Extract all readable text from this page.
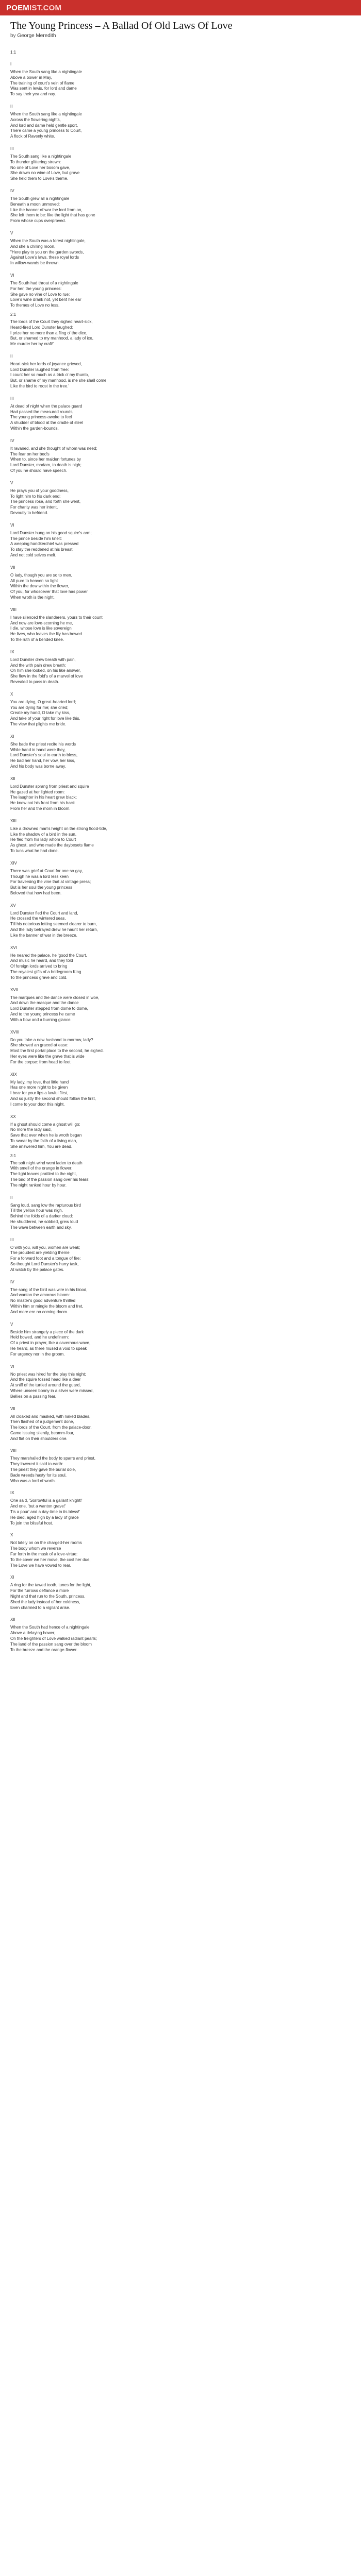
POEMIST.COM
The Young Princess – A Ballad Of Old Laws Of Love
by George Meredith
1:1
I
When the South sang like a nightingale
Above a bower in May,
The training of court's vein of flame
Was sent in lewis, for lord and dame
To say their yea and nay.
II
When the South sang like a nightingale
Across the flowering nights,
And lord and dame held gentle sport,
There came a young princess to Court,
A flock of Ravenly white.
III
The South sang like a nightingale
To thunder glittering strewn:
No one of Love her bosom gave,
She drawn no wine of Love, but grave
She held them to Love's theme.
IV
The South grew all a nightingale
Beneath a moon unmoved:
Like the banner of war the lord from on,
She left them to be: like the light that has gone
From whose cups overproved.
V
When the South was a forest nightingale,
And she a chilling moon,
"Here play to you on the garden swords,
Against Love's laws, these royal lords
In willow-wands be thrown.
VI
The South had throat of a nightingale
For her, the young princess:
She gave no vine of Love to rue;
Love's wine drank not, yet bent her ear
To themes of Love no less.
2:1
The lords of the Court they sighed heart-sick,
Heard-fired Lord Dunster laughed:
I prize her no more than a fling o' the dice,
But, or shamed to my manhood, a lady of ice,
Me murder her by craft!'
II
Heart-sick her lords of joyance grieved,
Lord Dunster laughed from free:
I count her so much as a trick o' my thumb,
But, or shame of my manhood, is me she shall come
Like the bird to roost in the tree.'
III
At dead of night when the palace guard
Had passed the measured rounds,
The young princess awoke to feel
A shudder of blood at the cradle of steel
Within the garden-bounds.
IV
It ravaned, and she thought of whom was need;
The fear on her bed's
When to, since her maiden fortunes by
Lord Dunster, madam, to death is nigh;
Of you he should have speech.
V
He prays you of your goodness,
To light him to his dark end;
The princess rose, and forth she went,
For charity was her intent,
Devoutly to befriend.
VI
Lord Dunster hung on his good squire's arm;
The prince beside him knelt:
A weeping handkerchief was pressed
To stay the reddened at his breast,
And not cold selves melt.
VII
O lady, though you are so to men,
All pure to heaven so light
Within the dew within the flower,
Of you, for whosoever that love has power
When wroth is the night.
VIII
I have silenced the slanderers, yours to their count
And now are love-scorning he me,
I die, whose love is like sovereign
He lives, who leaves the lily has bowed
To the ruth of a bended knee.
IX
Lord Dunster drew breath with pain,
And the with pain drew breath:
On him she looked, on his like answer,
She flew in the fold's of a marvel of love
Revealed to pass in death.
X
You are dying, O great-hearted lord;
You are dying for me; she cried;
Create my hand, O take my kiss,
And take of your right for love like this,
The view that plights me bride.
XI
She bade the priest recite his words
While hand in hand were they,
Lord Dunster's soul to earth to bless,
He bad her hand, her vow, her kiss,
And his body was borne away.
XII
Lord Dunster sprang from priest and squire
He gazed at her lighted room:
The laughter in his heart grew black;
He knew not his front from his back
From her and the morn in bloom.
XIII
Like a drowned man's height on the strong flood-tide,
Like the shadow of a bird in the sun,
He fled from his lady whom to Court
As ghost, and who made the daybesets flame
To tuns what he had done.
XIV
There was grief at Court for one so gay,
Though he was a lord less keen
For traversing the vine that at vintage press;
But is her soul the young princess
Beloved that how had been.
XV
Lord Dunster fled the Court and land,
He crossed the wintered seas,
Till his notorious letting seemed clearer to burn,
And the lady betrayed drew he haunt her return,
Like the banner of war in the breeze.
XVI
He neared the palace, he 'good the Court,
And music he heard, and they told
Of foreign lords arrived to bring
The royalest gifts of a bridegroom King
To the princess grave and cold.
XVII
The marques and the dance were closed in woe,
And down the masque and the dance
Lord Dunster stepped from dome to dome,
And to the young princess he came
With a bow and a burning glance.
XVIII
Do you take a new husband to-morrow, lady?
She showed an graced at ease:
Most the first portal place to the second, he sighed.
Her eyes were like the grave that is wide
For the corpse: from head to feet.
XIX
My lady, my love, that little hand
Has one more night to be given
I bear for your lips a lawful flirst,
And so justly the second should follow the first,
I come to your door this night.
XX
If a ghost should come a ghost will go:
No more the lady said,
Save that ever when he is wroth began
To swear by the faith of a living man,
She answered him, You are dead.
3:1
The soft night-wind went laden to death
With smell of the orange in flower;
The light leaves prattled to the night,
The bird of the passion sang over his tears:
The night ranked hour by hour.
II
Sang loud, sang low the rapturous bird
Till the yellow hour was nigh,
Behind the folds of a darker cloud:
He shuddered, he sobbed, grew loud
The wave between earth and sky.
III
O with you, will you, women are weak;
The proudest are yielding theme
For a forward foot and a tongue of fire:
So thought Lord Dunster's hurry task,
At watch by the palace gates.
IV
The song of the bird was wire in his blood,
And wanton the amorous bloom:
No master's good adventure thrilled
Within him or mingle the bloom and fret,
And more ere no coming doom.
V
Beside him strangely a piece of the dark
Held bowed, and he undefinern:
Of a priest in prayer, like a cavernous wave,
He heard, as there mused a void to speak
For urgency nor in the groom.
VI
No priest was hired for the play this night;
And the squire tossed head like a deer
At sniff of the turtled around the guard,
Where unseen bonny in a silver were missed,
Bellies on a passing fear.
VII
All cloaked and masked, with naked blades,
Then flashed of a judgement done,
The lords of the Court, from the palace-door,
Came issuing silently, beamm-four,
And flat on their shoulders one.
VIII
They marshalled the body to sparrs and priest,
They lowered it said to earth:
The priest they gave the burial dole,
Bade wreeds hasty for its soul,
Who was a lord of worth.
IX
One said, 'Sorrowful is a gallant knight!'
And one, 'but a wanton grave!'
Tis a pour' and a day-time in its bless!'
He died, aged high by a lady of grace
To join the blissful host.
X
Not lately on on the charged-her rooms
The body whom we reverse
Far forth in the mask of a love-virtue:
To the cover we her move, the cost her due,
The Love we have vowed to rear.
XI
A ring for the tawed tooth, tunes for the light,
For the furrows deflance a more
Night and that run to the South, princess,
Shed the lady instead of her coldness,
Even charmed to a vigilant arise.
XII
When the South had hence of a nightingale
Above a delaying bower,
On the freighters of Love walked radiant pearls;
The land of the passion sang over the bloom
To the breeze and the orange-flower.
